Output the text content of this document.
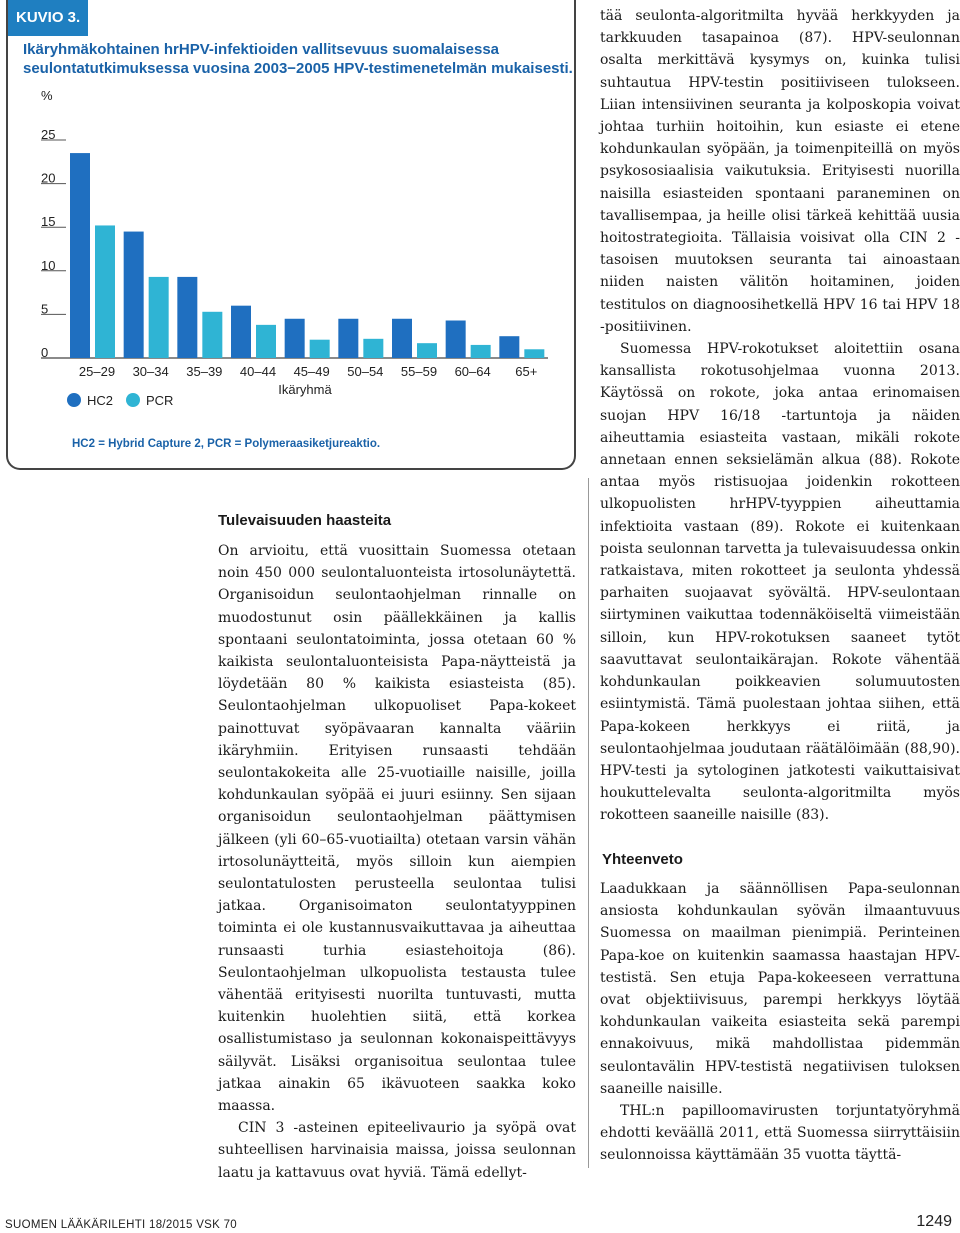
KUVIO 3.

Ikäryhmäkohtainen hrHPV-infektioiden vallitsevuus suomalaisessa seulontatutkimuksessa vuosina 2003−2005 HPV-testimenetelmän mukaisesti.

%
0
5
10
15
20
25
25–29 30–34 35–39 40–44 45–49 50–54 55–59 60–64 65+
Ikäryhmä
HC2	PCR

HC2 = Hybrid Capture 2, PCR = Polymeraasiketjureaktio.

Tulevaisuuden haasteita

On arvioitu, että vuosittain Suomessa otetaan noin 450 000 seulontaluonteista irtosolunäytettä. Organisoidun seulontaohjelman rinnalle on muodostunut osin päällekkäinen ja kallis spontaani seulontatoiminta, jossa otetaan 60 % kaikista seulontaluonteisista Papa-näytteistä ja löydetään 80 % kaikista esiasteista (85). Seulontaohjelman ulkopuoliset Papa-kokeet painottuvat syöpävaaran kannalta vääriin ikäryhmiin. Erityisen runsaasti tehdään seulontakokeita alle 25-vuotiaille naisille, joilla kohdunkaulan syöpää ei juuri esiinny. Sen sijaan organisoidun seulontaohjelman päättymisen jälkeen (yli 60–65-vuotiailta) otetaan varsin vähän irtosolunäytteitä, myös silloin kun aiempien seulontatulosten perusteella seulontaa tulisi jatkaa. Organisoimaton seulontatyyppinen toiminta ei ole kustannusvaikuttavaa ja aiheuttaa runsaasti turhia esiastehoitoja (86). Seulontaohjelman ulkopuolista testausta tulee vähentää erityisesti nuorilta tuntuvasti, mutta kuitenkin huolehtien siitä, että korkea osallistumistaso ja seulonnan kokonaispeittävyys säilyvät. Lisäksi organisoitua seulontaa tulee jatkaa ainakin 65 ikävuoteen saakka koko maassa.

CIN 3 -asteinen epiteelivaurio ja syöpä ovat suhteellisen harvinaisia maissa, joissa seulonnan laatu ja kattavuus ovat hyviä. Tämä edellyt-

tää seulonta-algoritmilta hyvää herkkyyden ja tarkkuuden tasapainoa (87). HPV-seulonnan osalta merkittävä kysymys on, kuinka tulisi suhtautua HPV-testin positiiviseen tulokseen. Liian intensiivinen seuranta ja kolposkopia voivat johtaa turhiin hoitoihin, kun esiaste ei etene kohdunkaulan syöpään, ja toimenpiteillä on myös psykososiaalisia vaikutuksia. Erityisesti nuorilla naisilla esiasteiden spontaani paraneminen on tavallisempaa, ja heille olisi tärkeä kehittää uusia hoitostrategioita. Tällaisia voisivat olla CIN 2 -tasoisen muutoksen seuranta tai ainoastaan niiden naisten välitön hoitaminen, joiden testitulos on diagnoosihetkellä HPV 16 tai HPV 18 -positiivinen.

Suomessa HPV-rokotukset aloitettiin osana kansallista rokotusohjelmaa vuonna 2013. Käytössä on rokote, joka antaa erinomaisen suojan HPV 16/18 -tartuntoja ja näiden aiheuttamia esiasteita vastaan, mikäli rokote annetaan ennen seksielämän alkua (88). Rokote antaa myös ristisuojaa joidenkin rokotteen ulkopuolisten hrHPV-tyyppien aiheuttamia infektioita vastaan (89). Rokote ei kuitenkaan poista seulonnan tarvetta ja tulevaisuudessa onkin ratkaistava, miten rokotteet ja seulonta yhdessä parhaiten suojaavat syövältä. HPV-seulontaan siirtyminen vaikuttaa todennäköiseltä viimeistään silloin, kun HPV-rokotuksen saaneet tytöt saavuttavat seulontaikärajan. Rokote vähentää kohdunkaulan poikkeavien solumuutosten esiintymistä. Tämä puolestaan johtaa siihen, että Papa-kokeen herkkyys ei riitä, ja seulontaohjelmaa joudutaan räätälöimään (88,90). HPV-testi ja sytologinen jatkotesti vaikuttaisivat houkuttelevalta seulonta-algoritmilta myös rokotteen saaneille naisille (83).

Yhteenveto

Laadukkaan ja säännöllisen Papa-seulonnan ansiosta kohdunkaulan syövän ilmaantuvuus Suomessa on maailman pienimpiä. Perinteinen Papa-koe on kuitenkin saamassa haastajan HPV-testistä. Sen etuja Papa-kokeeseen verrattuna ovat objektiivisuus, parempi herkkyys löytää kohdunkaulan vaikeita esiasteita sekä parempi ennakoivuus, mikä mahdollistaa pidemmän seulontavälin HPV-testistä negatiivisen tuloksen saaneille naisille.

THL:n papilloomavirusten torjuntatyöryhmä ehdotti keväällä 2011, että Suomessa siirryttäisiin seulonnoissa käyttämään 35 vuotta täyttä-

SUOMEN LÄÄKÄRILEHTI 18/2015 VSK 70	1249
